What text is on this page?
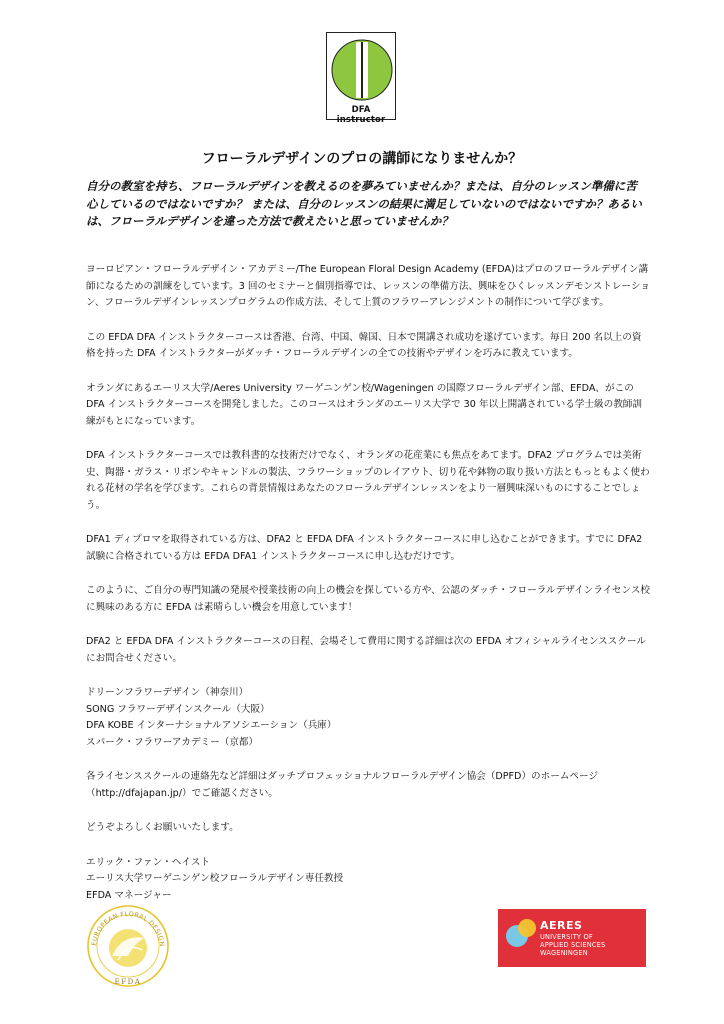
DFA instructor
フローラルデザインのプロの講師になりませんか？
自分の教室を持ち、フローラルデザインを教えるのを夢みていませんか？または、自分のレッスン準備に苦心しているのではないですか？ または、自分のレッスンの結果に満足していないのではないですか？あるいは、フローラルデザインを違った方法で教えたいと思っていませんか？

ヨーロピアン・フローラルデザイン・アカデミー/The European Floral Design Academy (EFDA)はプロのフローラルデザイン講師になるための訓練をしています。3 回のセミナーと個別指導では、レッスンの準備方法、興味をひくレッスンデモンストレーション、フローラルデザインレッスンプログラムの作成方法、そして上質のフラワーアレンジメントの制作について学びます。

この EFDA DFA インストラクターコースは香港、台湾、中国、韓国、日本で開講され成功を遂げています。毎日 200 名以上の資格を持った DFA インストラクターがダッチ・フローラルデザインの全ての技術やデザインを巧みに教えています。

オランダにあるエーリス大学/Aeres University ワーゲニンゲン校/Wageningen の国際フローラルデザイン部、EFDA、がこの DFA インストラクターコースを開発しました。このコースはオランダのエーリス大学で 30 年以上開講されている学士級の教師訓練がもとになっています。

DFA インストラクターコースでは教科書的な技術だけでなく、オランダの花産業にも焦点をあてます。DFA2 プログラムでは美術史、陶器・ガラス・リボンやキャンドルの製法、フラワーショップのレイアウト、切り花や鉢物の取り扱い方法ともっともよく使われる花材の学名を学びます。これらの背景情報はあなたのフローラルデザインレッスンをより一層興味深いものにすることでしょう。

DFA1 ディプロマを取得されている方は、DFA2 と EFDA DFA インストラクターコースに申し込むことができます。すでに DFA2 試験に合格されている方は EFDA DFA1 インストラクターコースに申し込むだけです。

このように、ご自分の専門知識の発展や授業技術の向上の機会を探している方や、公認のダッチ・フローラルデザインライセンス校に興味のある方に EFDA は素晴らしい機会を用意しています！

DFA2 と EFDA DFA インストラクターコースの日程、会場そして費用に関する詳細は次の EFDA オフィシャルライセンススクールにお問合せください。

ドリーンフラワーデザイン（神奈川）
SONG フラワーデザインスクール（大阪）
DFA KOBE インターナショナルアソシエーション（兵庫）
スパーク・フラワーアカデミー（京都）

各ライセンススクールの連絡先など詳細はダッチプロフェッショナルフローラルデザイン協会（DPFD）のホームページ（http://dfajapan.jp/）でご確認ください。

どうぞよろしくお願いいたします。

エリック・ファン・ヘイスト
エーリス大学ワーゲニンゲン校フローラルデザイン専任教授
EFDA マネージャー
EUROPEAN FLORAL DESIGN
EFDA
AERES
UNIVERSITY OF
APPLIED SCIENCES
WAGENINGEN
